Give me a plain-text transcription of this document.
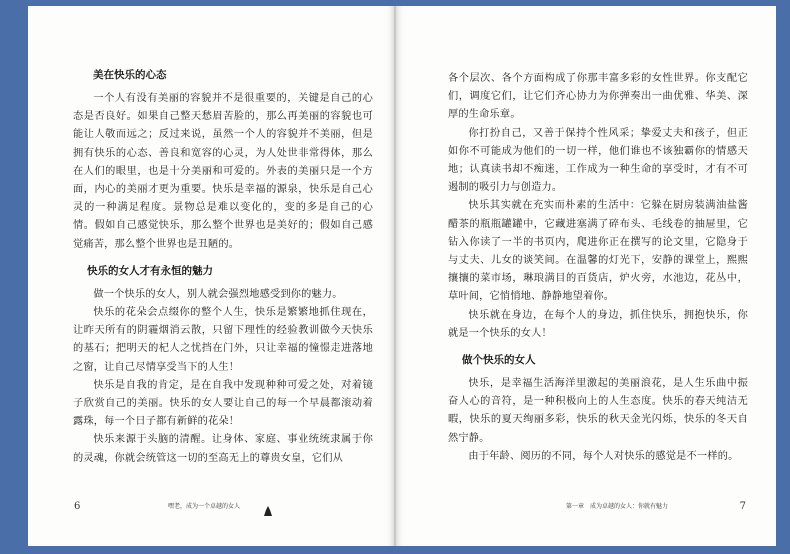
美在快乐的心态

一个人有没有美丽的容貌并不是很重要的，关键是自己的心态是否良好。如果自己整天愁眉苦脸的，那么再美丽的容貌也可能让人敬而远之；反过来说，虽然一个人的容貌并不美丽，但是拥有快乐的心态、善良和宽容的心灵，为人处世非常得体，那么在人们的眼里，也是十分美丽和可爱的。外表的美丽只是一个方面，内心的美丽才更为重要。快乐是幸福的源泉，快乐是自己心灵的一种满足程度。景物总是难以变化的，变的多是自己的心情。假如自己感觉快乐，那么整个世界也是美好的；假如自己感觉痛苦，那么整个世界也是丑陋的。

快乐的女人才有永恒的魅力

做一个快乐的女人，别人就会强烈地感受到你的魅力。

快乐的花朵会点缀你的整个人生，快乐是繁繁地抓住现在，让昨天所有的阴霾烟消云散，只留下理性的经验教训做今天快乐的基石；把明天的杞人之忧挡在门外，只让幸福的憧憬走进落地之窗，让自己尽情享受当下的人生！

快乐是自我的肯定，是在自我中发现种种可爱之处，对着镜子欣赏自己的美丽。快乐的女人要让自己的每一个早晨都滚动着露珠，每一个日子都有新鲜的花朵！

快乐来源于头脑的清醒。让身体、家庭、事业统统隶属于你的灵魂，你就会统管这一切的至高无上的尊贵女皇，它们从

6	嘿老，成为一个卓越的女人

各个层次、各个方面构成了你那丰富多彩的女性世界。你支配它们，调度它们，让它们齐心协力为你弹奏出一曲优雅、华美、深厚的生命乐章。

你打扮自己，又善于保持个性风采；挚爱丈夫和孩子，但正如你不可能成为他们的一切一样，他们谁也不该独霸你的情感天地；认真读书却不痴迷，工作成为一种生命的享受时，才有不可遏制的吸引力与创造力。

快乐其实就在充实而朴素的生活中：它躲在厨房装满油盐酱醋茶的瓶瓶罐罐中，它藏进塞满了碎布头、毛线卷的抽屉里，它钻入你读了一半的书页内，爬进你正在撰写的论文里，它隐身于与丈夫、儿女的谈笑间。在温馨的灯光下，安静的课堂上，熙熙攘攘的菜市场，琳琅满目的百货店，炉火旁，水池边，花丛中，草叶间，它悄悄地、静静地望着你。

快乐就在身边，在每个人的身边，抓住快乐，拥抱快乐，你就是一个快乐的女人！

做个快乐的女人

快乐，是幸福生活海洋里激起的美丽浪花，是人生乐曲中振奋人心的音符，是一种积极向上的人生态度。快乐的春天纯洁无暇，快乐的夏天绚丽多彩，快乐的秋天金光闪烁，快乐的冬天自然宁静。

由于年龄、阅历的不同，每个人对快乐的感觉是不一样的。

第一章　成为卓越的女人：你就有魅力	7
